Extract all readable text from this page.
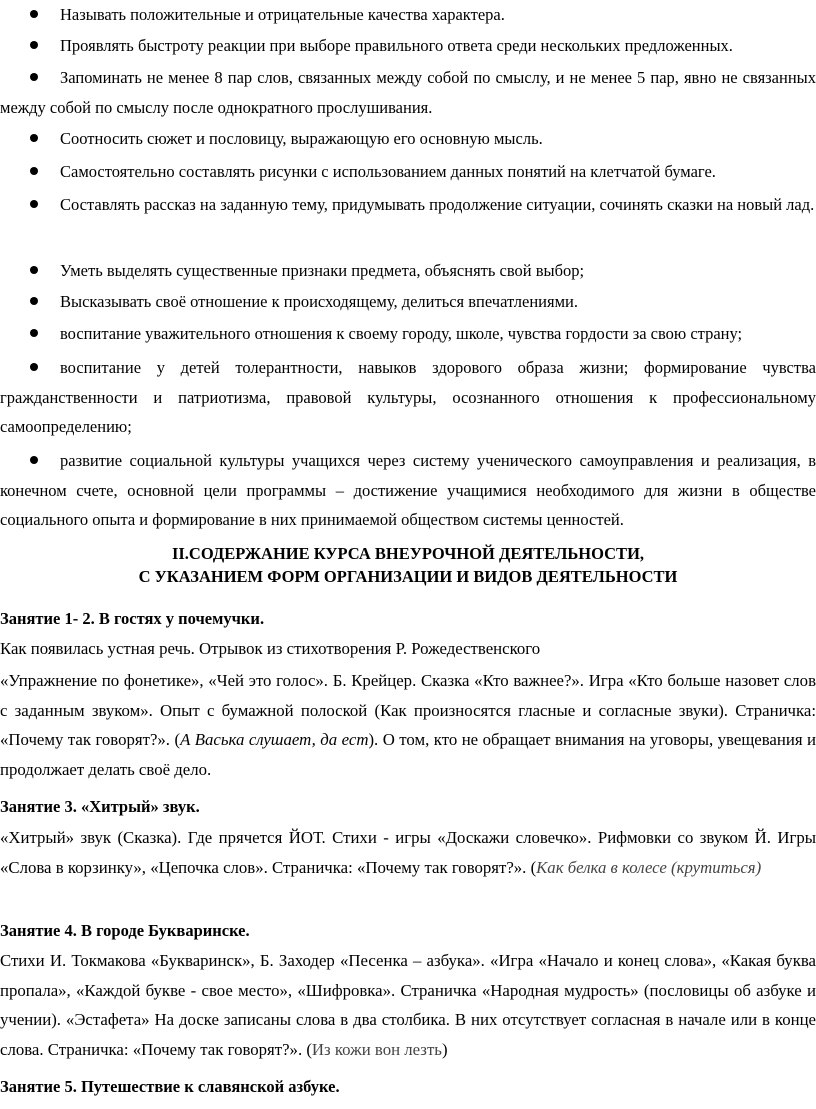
Называть положительные и отрицательные качества характера.
Проявлять быстроту реакции при выборе правильного ответа среди нескольких предложенных.
Запоминать не менее 8 пар слов, связанных между собой по смыслу, и не менее 5 пар, явно не связанных между собой по смыслу после однократного прослушивания.
Соотносить сюжет и пословицу, выражающую его основную мысль.
Самостоятельно составлять рисунки с использованием данных понятий на клетчатой бумаге.
Составлять рассказ на заданную тему, придумывать продолжение ситуации, сочинять сказки на новый лад.
Уметь выделять существенные признаки предмета, объяснять свой выбор;
Высказывать своё отношение к происходящему, делиться впечатлениями.
воспитание уважительного отношения к своему городу, школе, чувства гордости за свою страну;
воспитание у детей толерантности, навыков здорового образа жизни; формирование чувства гражданственности и патриотизма, правовой культуры, осознанного отношения к профессиональному самоопределению;
развитие социальной культуры учащихся через систему ученического самоуправления и реализация, в конечном счете, основной цели программы – достижение учащимися необходимого для жизни в обществе социального опыта и формирование в них принимаемой обществом системы ценностей.
II.СОДЕРЖАНИЕ КУРСА ВНЕУРОЧНОЙ ДЕЯТЕЛЬНОСТИ,
С УКАЗАНИЕМ ФОРМ ОРГАНИЗАЦИИ И ВИДОВ ДЕЯТЕЛЬНОСТИ
Занятие 1- 2. В гостях у почемучки.
Как появилась устная речь. Отрывок из стихотворения Р. Рожедественского
«Упражнение по фонетике», «Чей это голос». Б. Крейцер. Сказка «Кто важнее?». Игра «Кто больше назовет слов с заданным звуком». Опыт с бумажной полоской (Как произносятся гласные и согласные звуки). Страничка: «Почему так говорят?». (А Васька слушает, да ест). О том, кто не обращает внимания на уговоры, увещевания и продолжает делать своё дело.
Занятие 3. «Хитрый» звук.
«Хитрый» звук (Сказка). Где прячется ЙОТ. Стихи - игры «Доскажи словечко». Рифмовки со звуком Й. Игры «Слова в корзинку», «Цепочка слов». Страничка: «Почему так говорят?». (Как белка в колесе (крутиться)
Занятие 4. В городе Букваринске.
Стихи И. Токмакова «Букваринск», Б. Заходер «Песенка – азбука». «Игра «Начало и конец слова», «Какая буква пропала», «Каждой букве - свое место», «Шифровка». Страничка «Народная мудрость» (пословицы об азбуке и учении). «Эстафета» На доске записаны слова в два столбика. В них отсутствует согласная в начале или в конце слова. Страничка: «Почему так говорят?». (Из кожи вон лезть)
Занятие 5. Путешествие к славянской азбуке.
